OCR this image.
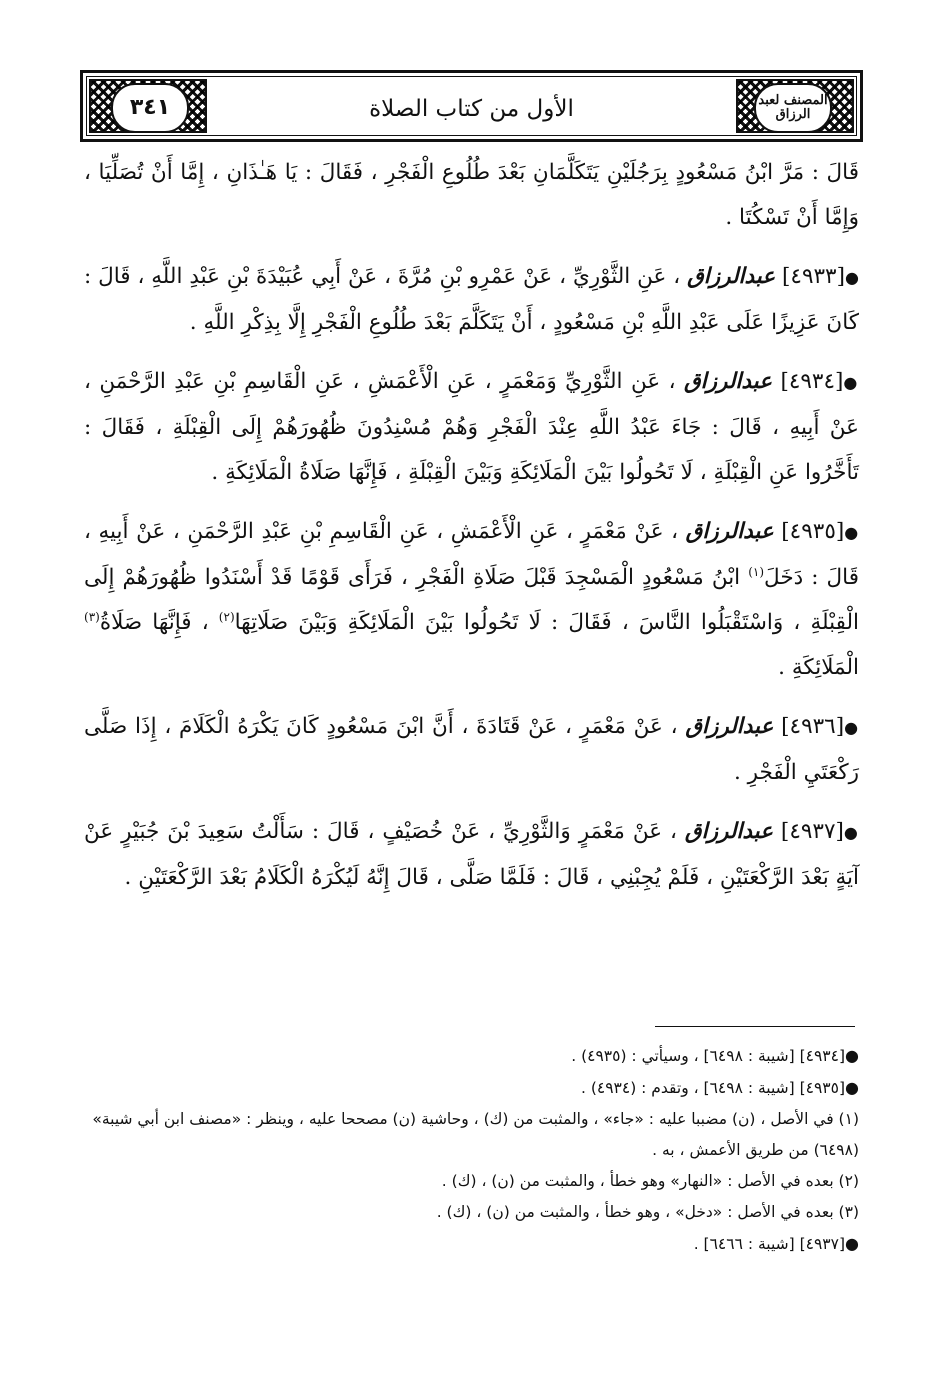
٣٤١	الأول من كتاب الصلاة	المصنف لعبد الرزاق

قَالَ : مَرَّ ابْنُ مَسْعُودٍ بِرَجُلَيْنِ يَتَكَلَّمَانِ بَعْدَ طُلُوعِ الْفَجْرِ ، فَقَالَ : يَا هَـٰذَانِ ، إِمَّا أَنْ تُصَلِّيَا ، وَإِمَّا أَنْ تَسْكُتَا .

●[٤٩٣٣] عبدالرزاق ، عَنِ الثَّوْرِيِّ ، عَنْ عَمْرِو بْنِ مُرَّةَ ، عَنْ أَبِي عُبَيْدَةَ بْنِ عَبْدِ اللَّهِ ، قَالَ : كَانَ عَزِيزًا عَلَى عَبْدِ اللَّهِ بْنِ مَسْعُودٍ ، أَنْ يَتَكَلَّمَ بَعْدَ طُلُوعِ الْفَجْرِ إِلَّا بِذِكْرِ اللَّهِ .

●[٤٩٣٤] عبدالرزاق ، عَنِ الثَّوْرِيِّ وَمَعْمَرٍ ، عَنِ الْأَعْمَشِ ، عَنِ الْقَاسِمِ بْنِ عَبْدِ الرَّحْمَنِ ، عَنْ أَبِيهِ ، قَالَ : جَاءَ عَبْدُ اللَّهِ عِنْدَ الْفَجْرِ وَهُمْ مُسْنِدُونَ ظُهُورَهُمْ إِلَى الْقِبْلَةِ ، فَقَالَ : تَأَخَّرُوا عَنِ الْقِبْلَةِ ، لَا تَحُولُوا بَيْنَ الْمَلَائِكَةِ وَبَيْنَ الْقِبْلَةِ ، فَإِنَّهَا صَلَاةُ الْمَلَائِكَةِ .

●[٤٩٣٥] عبدالرزاق ، عَنْ مَعْمَرٍ ، عَنِ الْأَعْمَشِ ، عَنِ الْقَاسِمِ بْنِ عَبْدِ الرَّحْمَنِ ، عَنْ أَبِيهِ ، قَالَ : دَخَلَ$^{(١)}$ ابْنُ مَسْعُودٍ الْمَسْجِدَ قَبْلَ صَلَاةِ الْفَجْرِ ، فَرَأَى قَوْمًا قَدْ أَسْنَدُوا ظُهُورَهُمْ إِلَى الْقِبْلَةِ ، وَاسْتَقْبَلُوا النَّاسَ ، فَقَالَ : لَا تَحُولُوا بَيْنَ الْمَلَائِكَةِ وَبَيْنَ صَلَاتِهَا$^{(٢)}$ ، فَإِنَّهَا صَلَاةُ$^{(٣)}$ الْمَلَائِكَةِ .

●[٤٩٣٦] عبدالرزاق ، عَنْ مَعْمَرٍ ، عَنْ قَتَادَةَ ، أَنَّ ابْنَ مَسْعُودٍ كَانَ يَكْرَهُ الْكَلَامَ ، إِذَا صَلَّى رَكْعَتَيِ الْفَجْرِ .

●[٤٩٣٧] عبدالرزاق ، عَنْ مَعْمَرٍ وَالثَّوْرِيِّ ، عَنْ خُصَيْفٍ ، قَالَ : سَأَلْتُ سَعِيدَ بْنَ جُبَيْرٍ عَنْ آيَةٍ بَعْدَ الرَّكْعَتَيْنِ ، فَلَمْ يُجِبْنِي ، قَالَ : فَلَمَّا صَلَّى ، قَالَ إِنَّهُ لَيُكْرَهُ الْكَلَامُ بَعْدَ الرَّكْعَتَيْنِ .

●[٤٩٣٤] [شيبة : ٦٤٩٨] ، وسيأتي : (٤٩٣٥) .

●[٤٩٣٥] [شيبة : ٦٤٩٨] ، وتقدم : (٤٩٣٤) .

(١) في الأصل ، (ن) مضببا عليه : «جاء» ، والمثبت من (ك) ، وحاشية (ن) مصححا عليه ، وينظر : «مصنف ابن أبي شيبة» (٦٤٩٨) من طريق الأعمش ، به .

(٢) بعده في الأصل : «النهار» وهو خطأ ، والمثبت من (ن) ، (ك) .

(٣) بعده في الأصل : «دخل» ، وهو خطأ ، والمثبت من (ن) ، (ك) .

●[٤٩٣٧] [شيبة : ٦٤٦٦] .
